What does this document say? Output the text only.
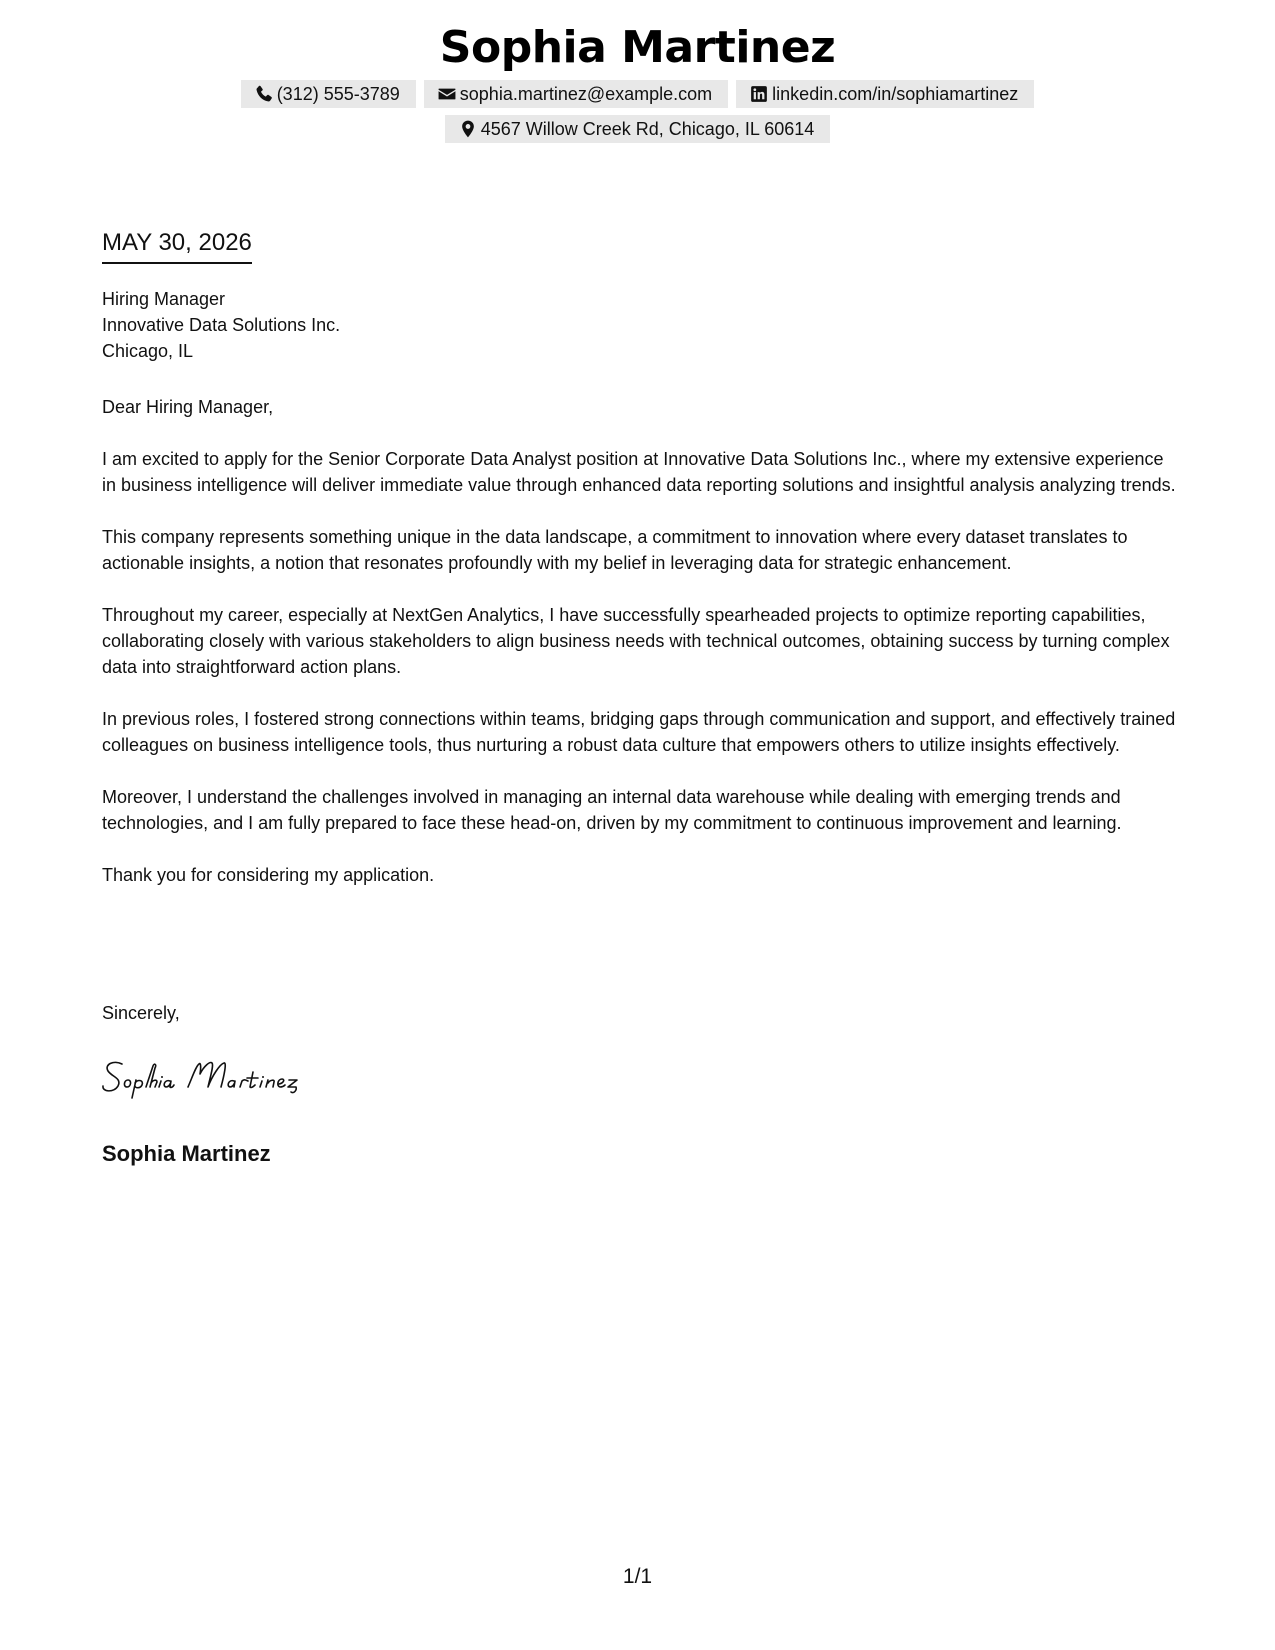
Sophia Martinez
(312) 555-3789	sophia.martinez@example.com	linkedin.com/in/sophiamartinez
4567 Willow Creek Rd, Chicago, IL 60614
MAY 30, 2026
Hiring Manager
Innovative Data Solutions Inc.
Chicago, IL

Dear Hiring Manager,

I am excited to apply for the Senior Corporate Data Analyst position at Innovative Data Solutions Inc., where my extensive experience in business intelligence will deliver immediate value through enhanced data reporting solutions and insightful analysis analyzing trends.

This company represents something unique in the data landscape, a commitment to innovation where every dataset translates to actionable insights, a notion that resonates profoundly with my belief in leveraging data for strategic enhancement.

Throughout my career, especially at NextGen Analytics, I have successfully spearheaded projects to optimize reporting capabilities, collaborating closely with various stakeholders to align business needs with technical outcomes, obtaining success by turning complex data into straightforward action plans.

In previous roles, I fostered strong connections within teams, bridging gaps through communication and support, and effectively trained colleagues on business intelligence tools, thus nurturing a robust data culture that empowers others to utilize insights effectively.

Moreover, I understand the challenges involved in managing an internal data warehouse while dealing with emerging trends and technologies, and I am fully prepared to face these head-on, driven by my commitment to continuous improvement and learning.

Thank you for considering my application.

Sincerely,
Sophia Martinez
1/1
